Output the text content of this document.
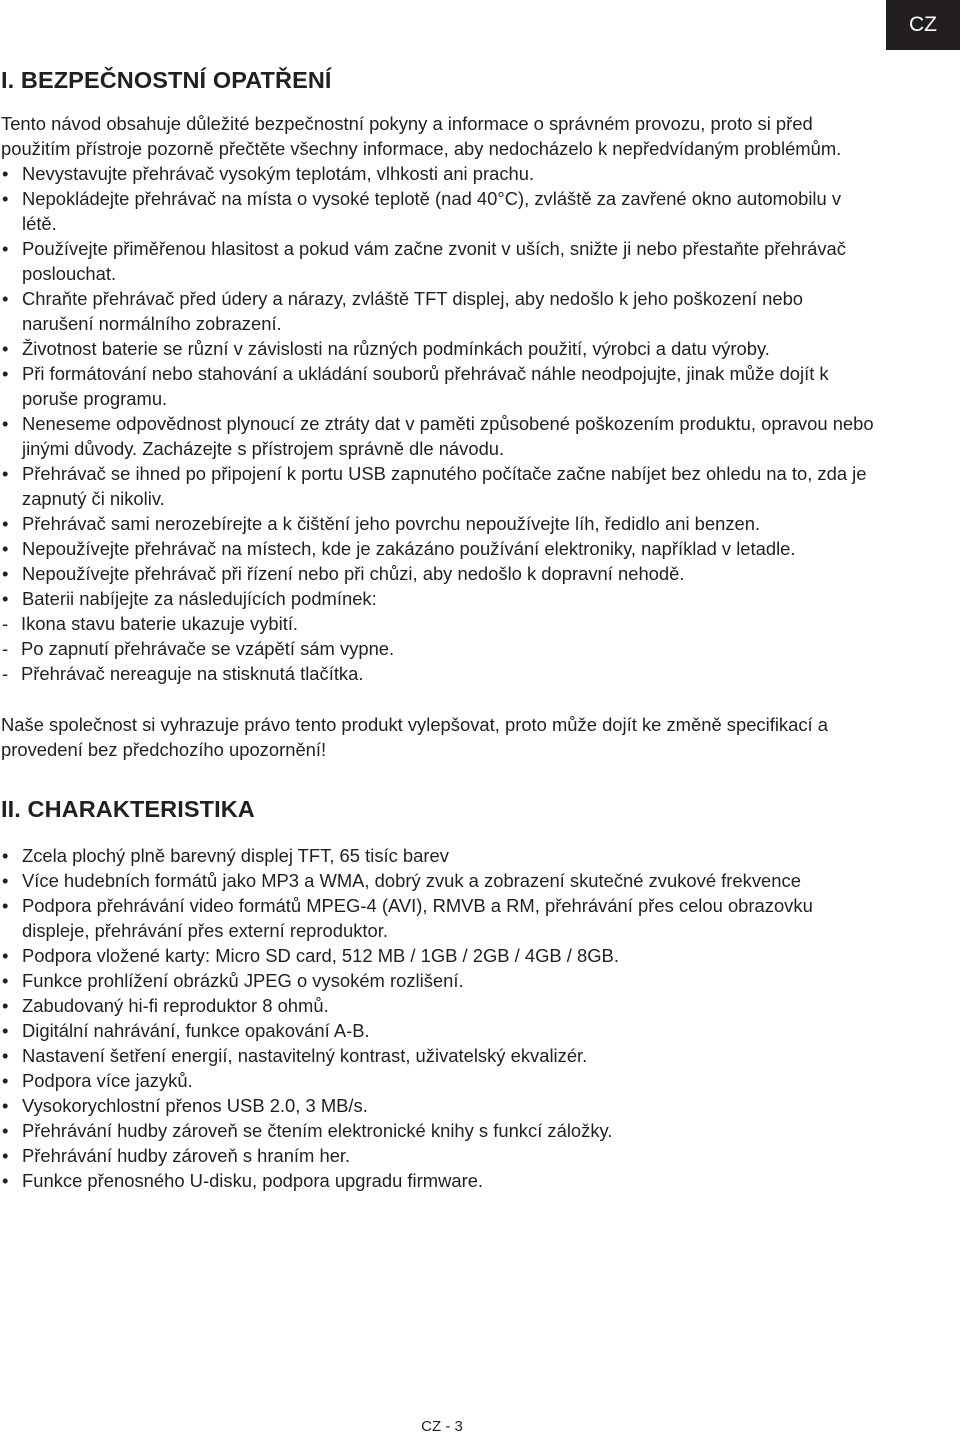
CZ
I. BEZPEČNOSTNÍ OPATŘENÍ

Tento návod obsahuje důležité bezpečnostní pokyny a informace o správném provozu, proto si před použitím přístroje pozorně přečtěte všechny informace, aby nedocházelo k nepředvídaným problémům.

Nevystavujte přehrávač vysokým teplotám, vlhkosti ani prachu.
Nepokládejte přehrávač na místa o vysoké teplotě (nad 40°C), zvláště za zavřené okno automobilu v létě.
Používejte přiměřenou hlasitost a pokud vám začne zvonit v uších, snižte ji nebo přestaňte přehrávač poslouchat.
Chraňte přehrávač před údery a nárazy, zvláště TFT displej, aby nedošlo k jeho poškození nebo narušení normálního zobrazení.
Životnost baterie se různí v závislosti na různých podmínkách použití, výrobci a datu výroby.
Při formátování nebo stahování a ukládání souborů přehrávač náhle neodpojujte, jinak může dojít k poruše programu.
Neneseme odpovědnost plynoucí ze ztráty dat v paměti způsobené poškozením produktu, opravou nebo jinými důvody. Zacházejte s přístrojem správně dle návodu.
Přehrávač se ihned po připojení k portu USB zapnutého počítače začne nabíjet bez ohledu na to, zda je zapnutý či nikoliv.
Přehrávač sami nerozebírejte a k čištění jeho povrchu nepoužívejte líh, ředidlo ani benzen.
Nepoužívejte přehrávač na místech, kde je zakázáno používání elektroniky, například v letadle.
Nepoužívejte přehrávač při řízení nebo při chůzi, aby nedošlo k dopravní nehodě.
Baterii nabíjejte za následujících podmínek:
Ikona stavu baterie ukazuje vybití.
Po zapnutí přehrávače se vzápětí sám vypne.
Přehrávač nereaguje na stisknutá tlačítka.

Naše společnost si vyhrazuje právo tento produkt vylepšovat, proto může dojít ke změně specifikací a provedení bez předchozího upozornění!

II. CHARAKTERISTIKA
Zcela plochý plně barevný displej TFT, 65 tisíc barev
Více hudebních formátů jako MP3 a WMA, dobrý zvuk a zobrazení skutečné zvukové frekvence
Podpora přehrávání video formátů MPEG-4 (AVI), RMVB a RM, přehrávání přes celou obrazovku displeje, přehrávání přes externí reproduktor.
Podpora vložené karty: Micro SD card, 512 MB / 1GB / 2GB / 4GB / 8GB.
Funkce prohlížení obrázků JPEG o vysokém rozlišení.
Zabudovaný hi-fi reproduktor 8 ohmů.
Digitální nahrávání, funkce opakování A-B.
Nastavení šetření energií, nastavitelný kontrast, uživatelský ekvalizér.
Podpora více jazyků.
Vysokorychlostní přenos USB 2.0, 3 MB/s.
Přehrávání hudby zároveň se čtením elektronické knihy s funkcí záložky.
Přehrávání hudby zároveň s hraním her.
Funkce přenosného U-disku, podpora upgradu firmware.
CZ - 3
